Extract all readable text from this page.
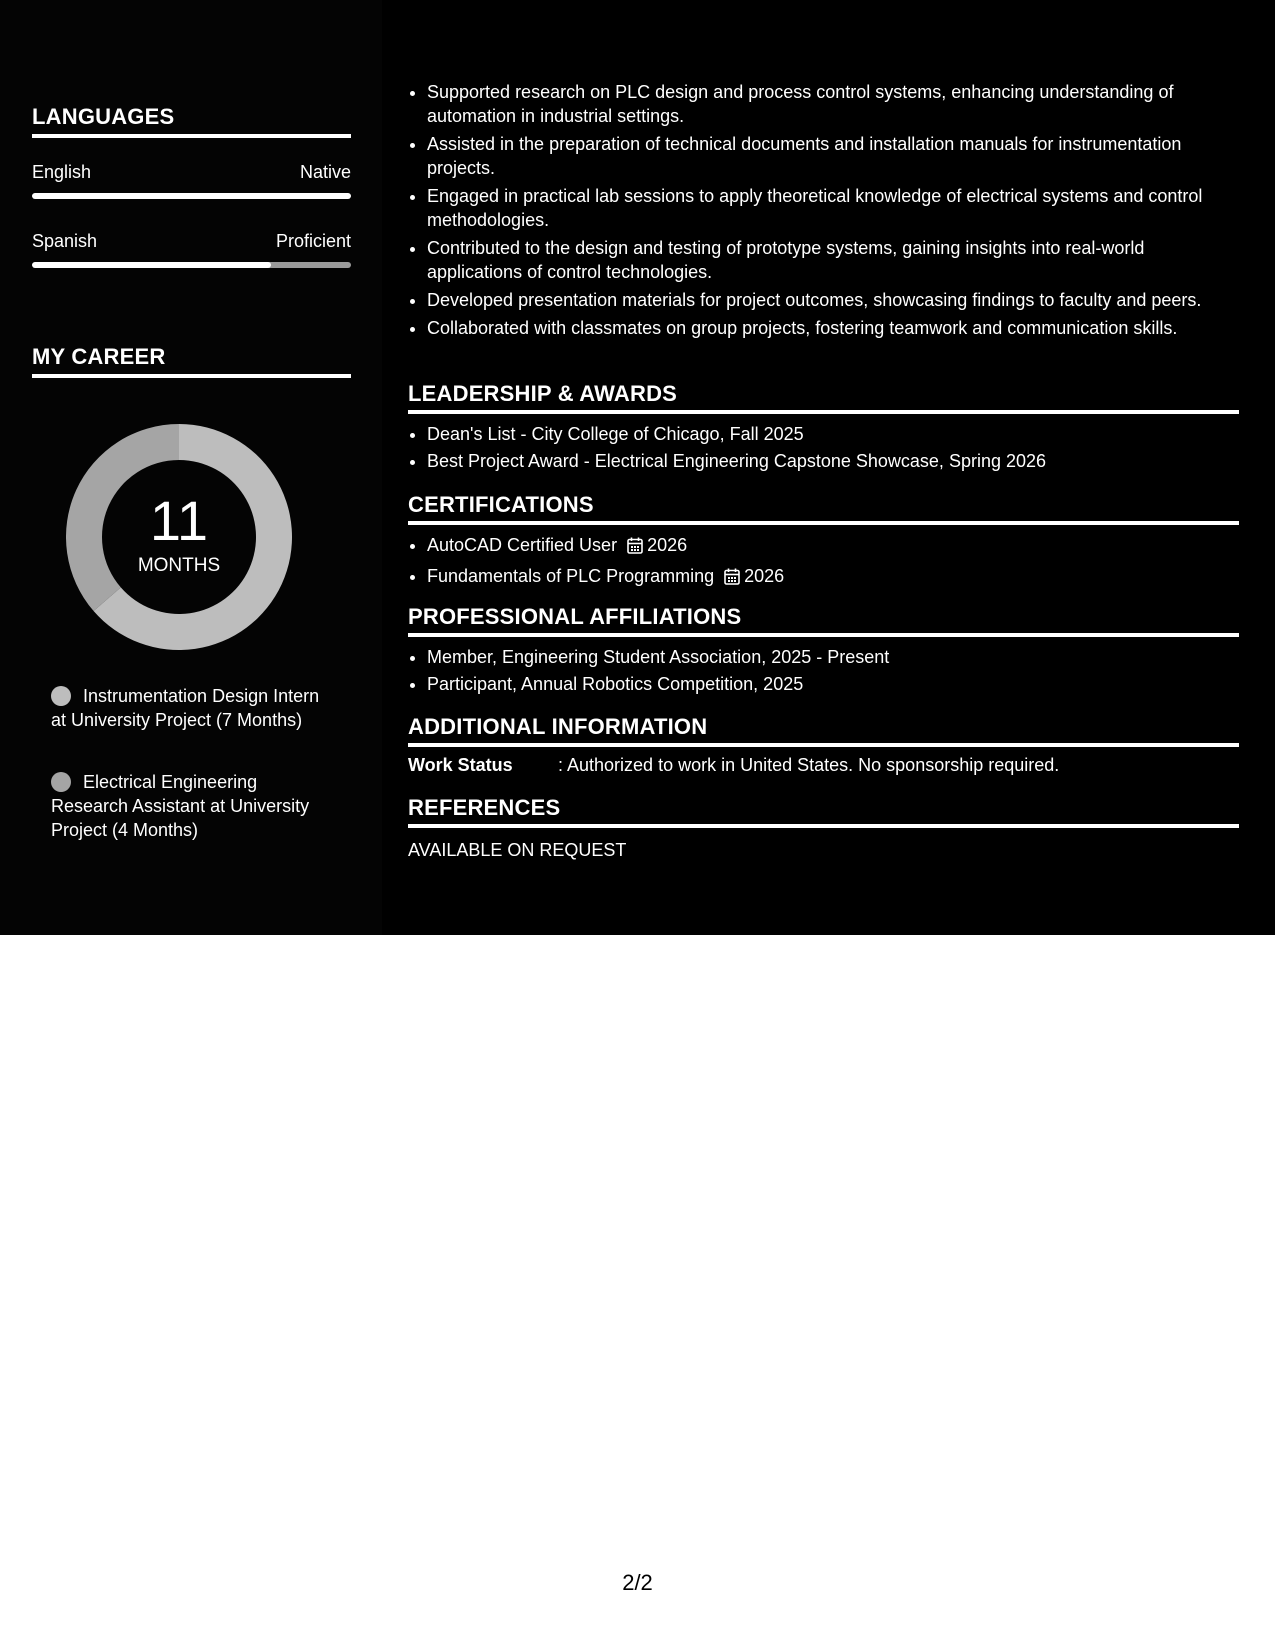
LANGUAGES
English	Native
Spanish	Proficient
MY CAREER
11
MONTHS
Instrumentation Design Intern at University Project (7 Months)
Electrical Engineering Research Assistant at University Project (4 Months)
• Supported research on PLC design and process control systems, enhancing understanding of automation in industrial settings.
• Assisted in the preparation of technical documents and installation manuals for instrumentation projects.
• Engaged in practical lab sessions to apply theoretical knowledge of electrical systems and control methodologies.
• Contributed to the design and testing of prototype systems, gaining insights into real-world applications of control technologies.
• Developed presentation materials for project outcomes, showcasing findings to faculty and peers.
• Collaborated with classmates on group projects, fostering teamwork and communication skills.
LEADERSHIP & AWARDS
• Dean's List - City College of Chicago, Fall 2025
• Best Project Award - Electrical Engineering Capstone Showcase, Spring 2026
CERTIFICATIONS
• AutoCAD Certified User 2026
• Fundamentals of PLC Programming 2026
PROFESSIONAL AFFILIATIONS
• Member, Engineering Student Association, 2025 - Present
• Participant, Annual Robotics Competition, 2025
ADDITIONAL INFORMATION
Work Status	: Authorized to work in United States. No sponsorship required.
REFERENCES
AVAILABLE ON REQUEST
2/2
